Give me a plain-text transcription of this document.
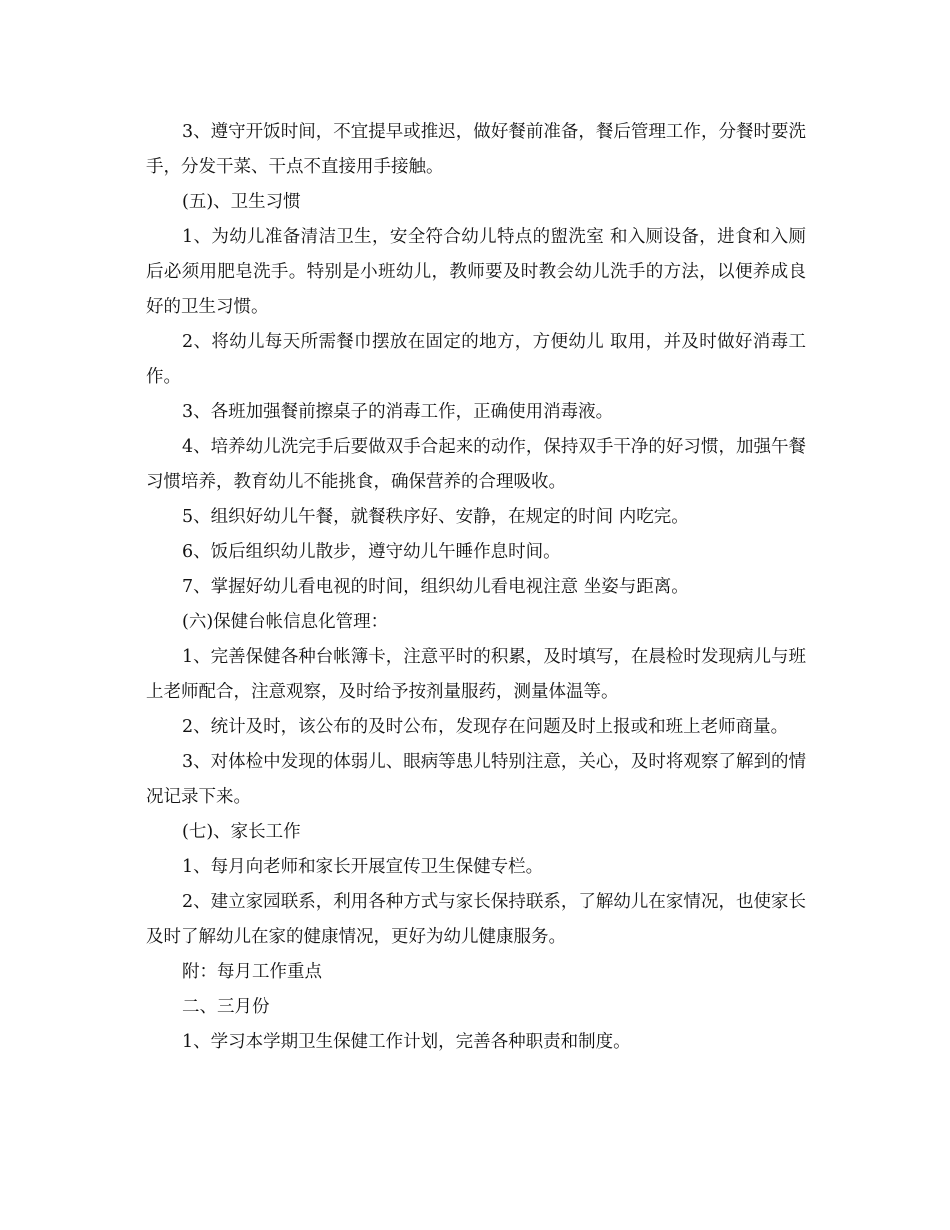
3、遵守开饭时间，不宜提早或推迟，做好餐前准备，餐后管理工作，分餐时要洗手，分发干菜、干点不直接用手接触。

(五)、卫生习惯

1、为幼儿准备清洁卫生，安全符合幼儿特点的盥洗室 和入厕设备，进食和入厕后必须用肥皂洗手。特别是小班幼儿，教师要及时教会幼儿洗手的方法，以便养成良好的卫生习惯。

2、将幼儿每天所需餐巾摆放在固定的地方，方便幼儿 取用，并及时做好消毒工作。

3、各班加强餐前擦桌子的消毒工作，正确使用消毒液。

4、培养幼儿洗完手后要做双手合起来的动作，保持双手干净的好习惯，加强午餐习惯培养，教育幼儿不能挑食，确保营养的合理吸收。

5、组织好幼儿午餐，就餐秩序好、安静，在规定的时间 内吃完。

6、饭后组织幼儿散步，遵守幼儿午睡作息时间。

7、掌握好幼儿看电视的时间，组织幼儿看电视注意 坐姿与距离。

(六)保健台帐信息化管理：

1、完善保健各种台帐簿卡，注意平时的积累，及时填写，在晨检时发现病儿与班上老师配合，注意观察，及时给予按剂量服药，测量体温等。

2、统计及时，该公布的及时公布，发现存在问题及时上报或和班上老师商量。

3、对体检中发现的体弱儿、眼病等患儿特别注意，关心，及时将观察了解到的情况记录下来。

(七)、家长工作

1、每月向老师和家长开展宣传卫生保健专栏。

2、建立家园联系，利用各种方式与家长保持联系，了解幼儿在家情况，也使家长及时了解幼儿在家的健康情况，更好为幼儿健康服务。

附：每月工作重点

二、三月份

1、学习本学期卫生保健工作计划，完善各种职责和制度。
